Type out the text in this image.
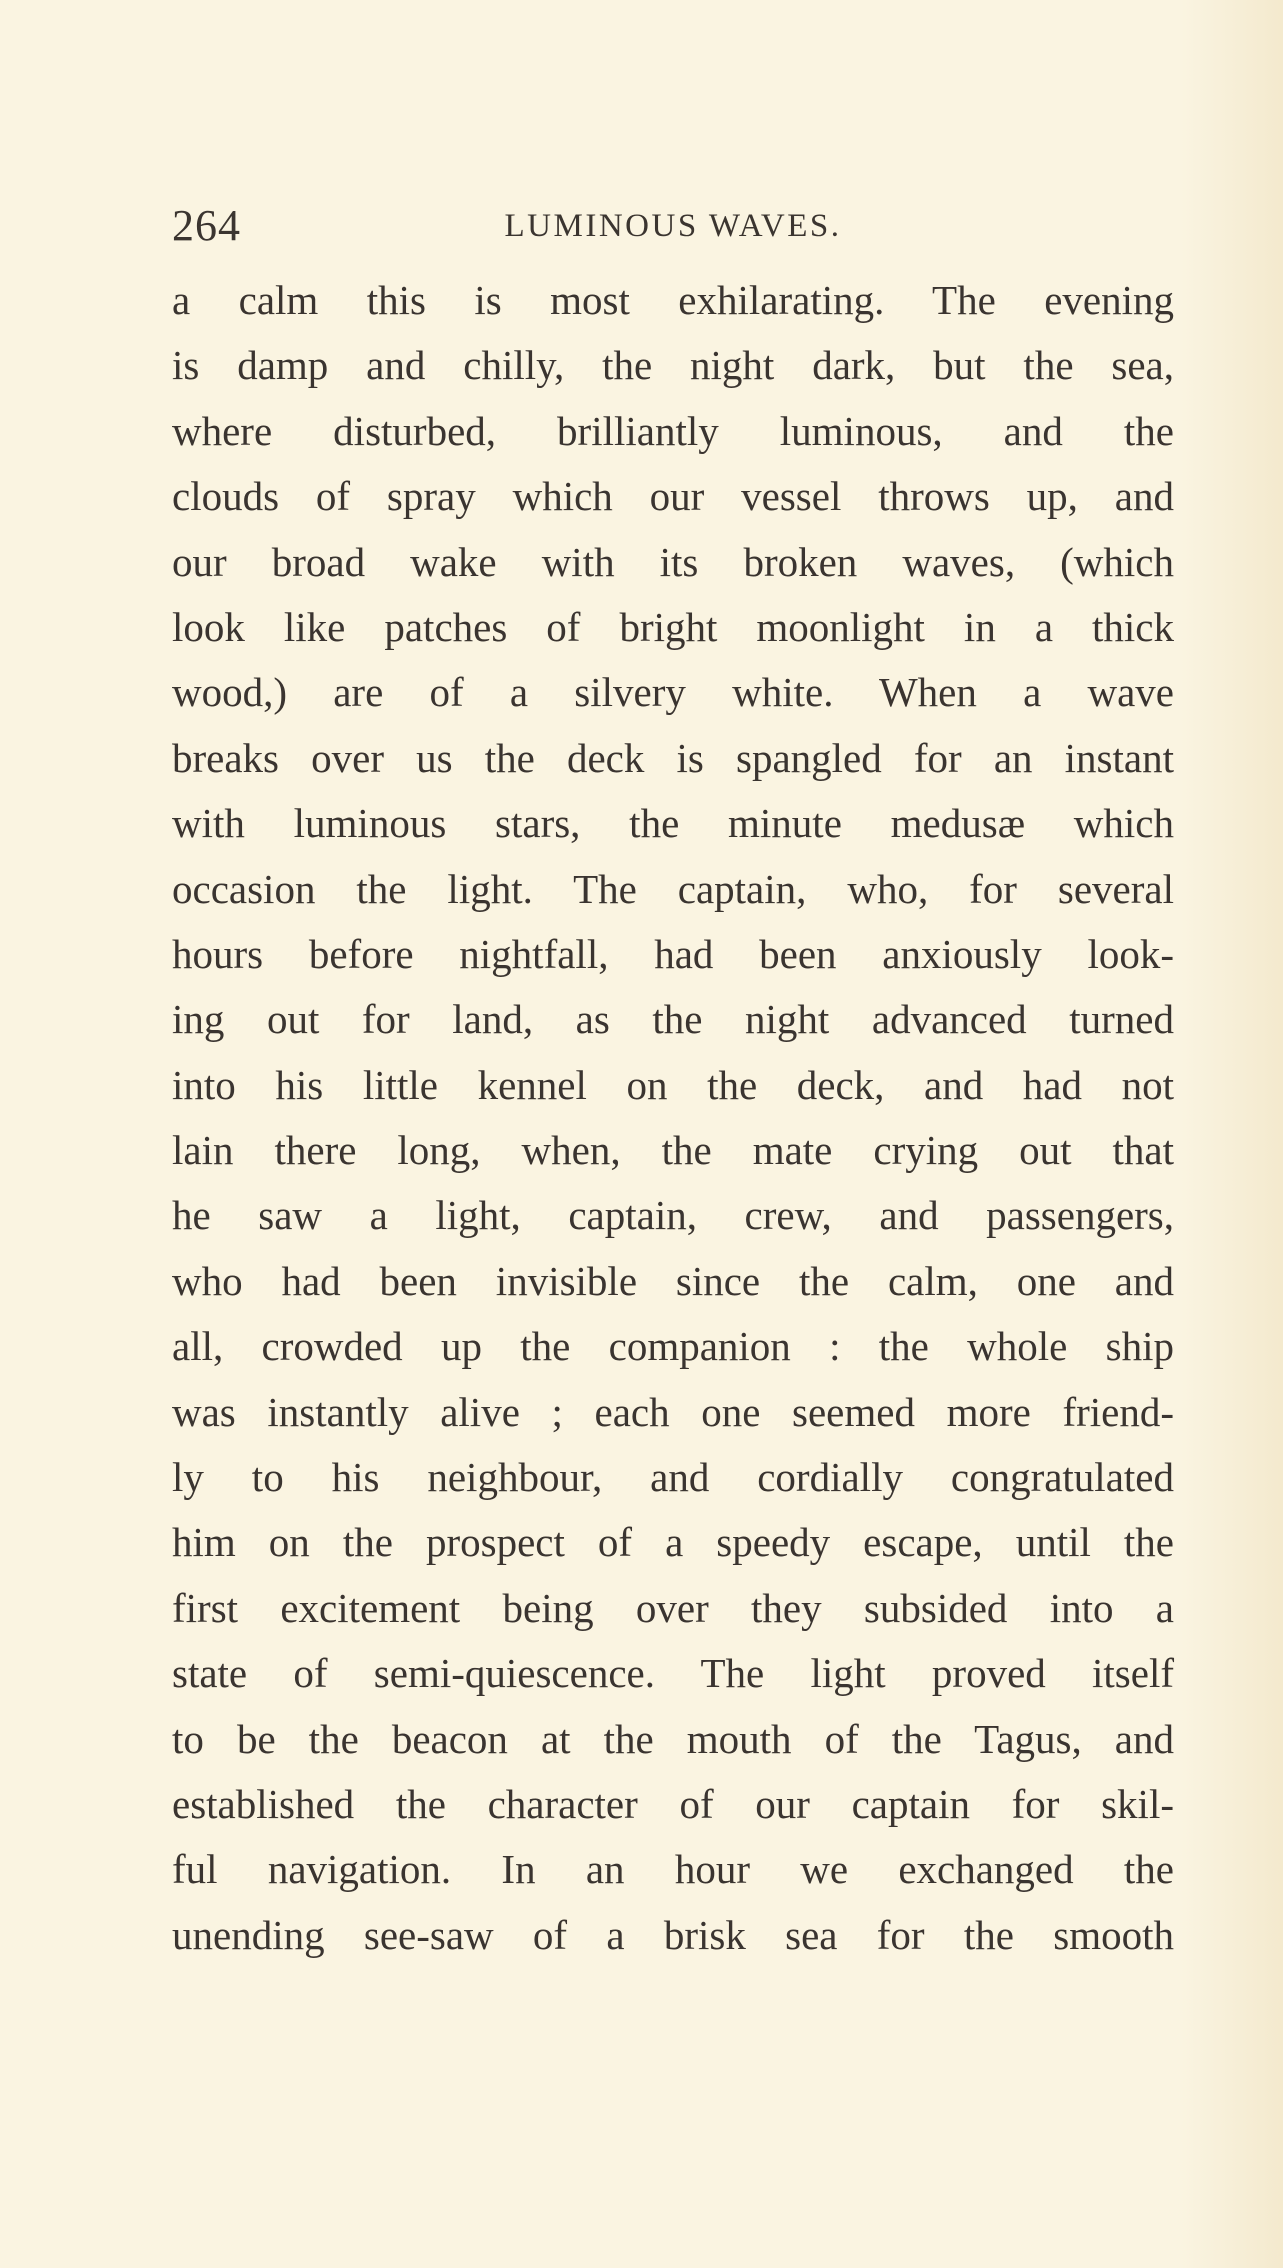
264	LUMINOUS WAVES.
a calm this is most exhilarating. The evening
is damp and chilly, the night dark, but the sea,
where disturbed, brilliantly luminous, and the
clouds of spray which our vessel throws up, and
our broad wake with its broken waves, (which
look like patches of bright moonlight in a thick
wood,) are of a silvery white. When a wave
breaks over us the deck is spangled for an instant
with luminous stars, the minute medusæ which
occasion the light. The captain, who, for several
hours before nightfall, had been anxiously look-
ing out for land, as the night advanced turned
into his little kennel on the deck, and had not
lain there long, when, the mate crying out that
he saw a light, captain, crew, and passengers,
who had been invisible since the calm, one and
all, crowded up the companion : the whole ship
was instantly alive ; each one seemed more friend-
ly to his neighbour, and cordially congratulated
him on the prospect of a speedy escape, until the
first excitement being over they subsided into a
state of semi-quiescence. The light proved itself
to be the beacon at the mouth of the Tagus, and
established the character of our captain for skil-
ful navigation. In an hour we exchanged the
unending see-saw of a brisk sea for the smooth
